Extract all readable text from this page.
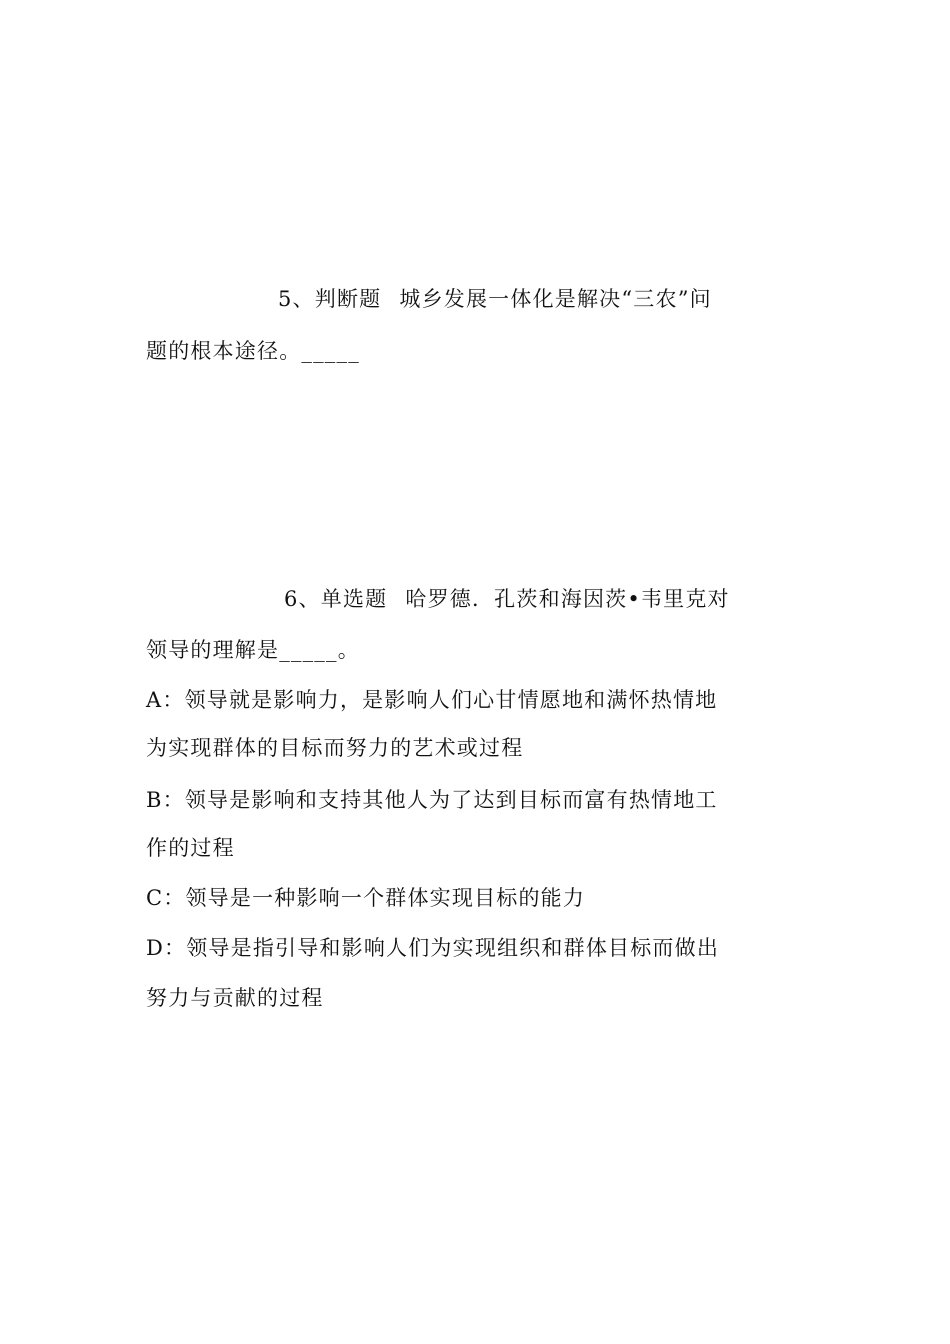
5、判断题 城乡发展一体化是解决“三农”问
题的根本途径。_____
6、单选题 哈罗德．孔茨和海因茨•韦里克对
领导的理解是_____。
A：领导就是影响力，是影响人们心甘情愿地和满怀热情地
为实现群体的目标而努力的艺术或过程
B：领导是影响和支持其他人为了达到目标而富有热情地工
作的过程
C：领导是一种影响一个群体实现目标的能力
D：领导是指引导和影响人们为实现组织和群体目标而做出
努力与贡献的过程
